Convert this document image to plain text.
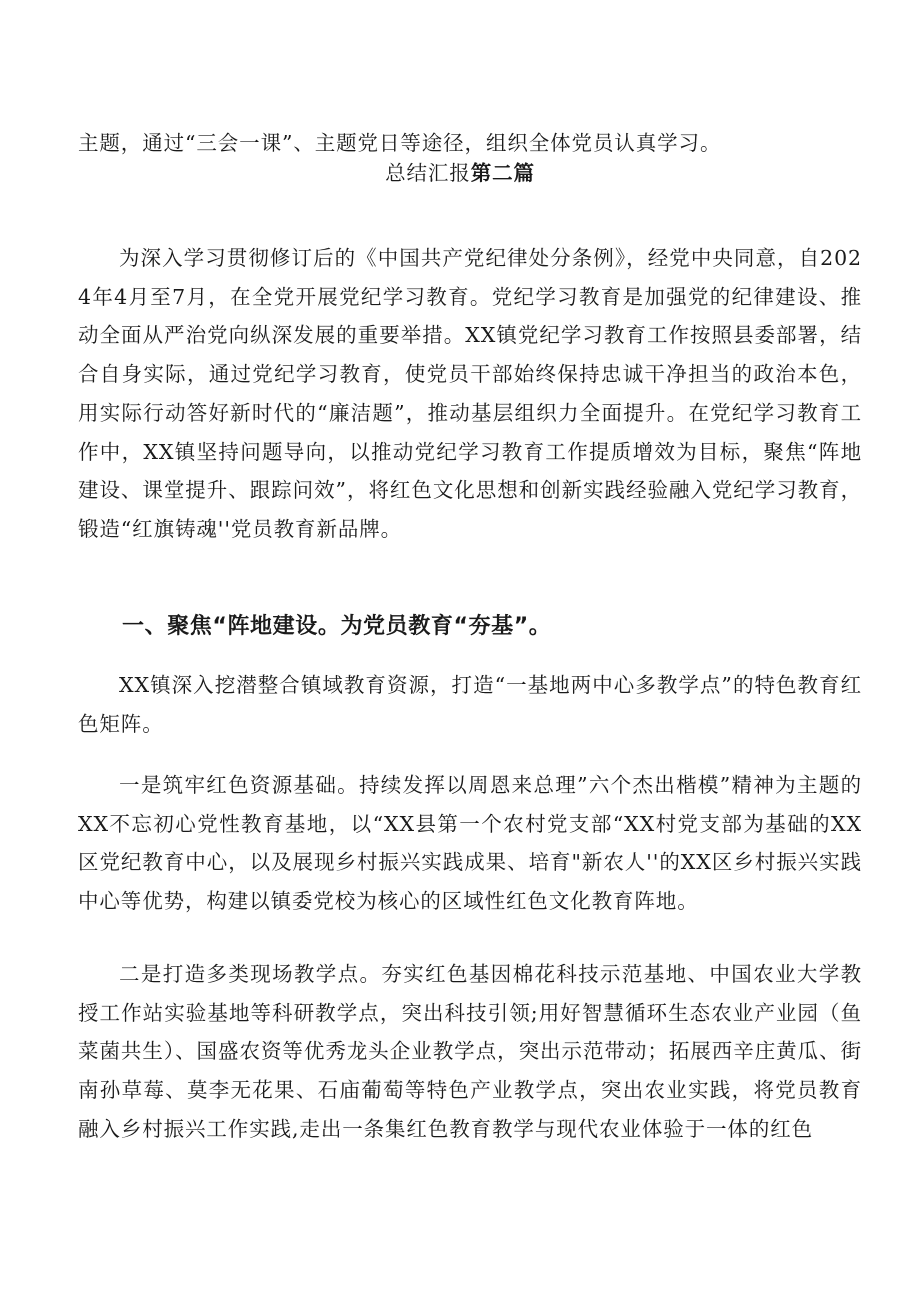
主题，通过“三会一课”、主题党日等途径，组织全体党员认真学习。

总结汇报第二篇

为深入学习贯彻修订后的《中国共产党纪律处分条例》，经党中央同意，自2024年4月至7月，在全党开展党纪学习教育。党纪学习教育是加强党的纪律建设、推动全面从严治党向纵深发展的重要举措。XX镇党纪学习教育工作按照县委部署，结合自身实际，通过党纪学习教育，使党员干部始终保持忠诚干净担当的政治本色，用实际行动答好新时代的“廉洁题”，推动基层组织力全面提升。在党纪学习教育工作中，XX镇坚持问题导向，以推动党纪学习教育工作提质增效为目标，聚焦“阵地建设、课堂提升、跟踪问效”，将红色文化思想和创新实践经验融入党纪学习教育，锻造“红旗铸魂''党员教育新品牌。

一、聚焦“阵地建设。为党员教育“夯基”。

XX镇深入挖潜整合镇域教育资源，打造“一基地两中心多教学点”的特色教育红色矩阵。

一是筑牢红色资源基础。持续发挥以周恩来总理”六个杰出楷模”精神为主题的XX不忘初心党性教育基地，以“XX县第一个农村党支部“XX村党支部为基础的XX区党纪教育中心，以及展现乡村振兴实践成果、培育"新农人''的XX区乡村振兴实践中心等优势，构建以镇委党校为核心的区域性红色文化教育阵地。

二是打造多类现场教学点。夯实红色基因棉花科技示范基地、中国农业大学教授工作站实验基地等科研教学点，突出科技引领;用好智慧循环生态农业产业园（鱼菜菌共生）、国盛农资等优秀龙头企业教学点，突出示范带动；拓展西辛庄黄瓜、街南孙草莓、莫李无花果、石庙葡萄等特色产业教学点，突出农业实践，将党员教育融入乡村振兴工作实践,走出一条集红色教育教学与现代农业体验于一体的红色
